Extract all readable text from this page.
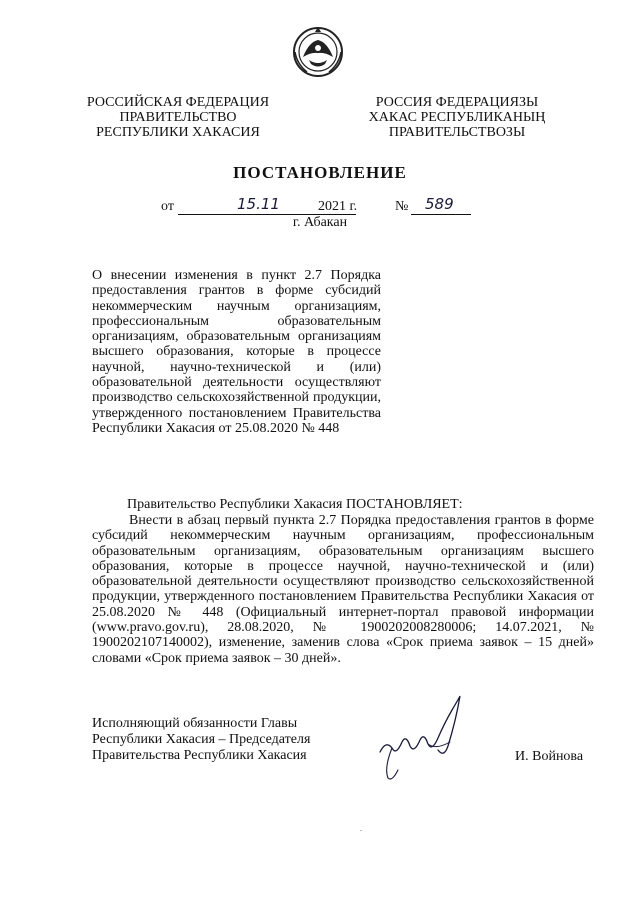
РОССИЙСКАЯ ФЕДЕРАЦИЯ
ПРАВИТЕЛЬСТВО
РЕСПУБЛИКИ ХАКАСИЯ
РОССИЯ ФЕДЕРАЦИЯЗЫ
ХАКАС РЕСПУБЛИКАНЫҢ
ПРАВИТЕЛЬСТВОЗЫ
ПОСТАНОВЛЕНИЕ
от	15.11	2021 г.	№ 589
г. Абакан
О внесении изменения в пункт 2.7 Порядка предоставления грантов в форме субсидий некоммерческим научным организациям, профессиональным образовательным организациям, образовательным организациям высшего образования, которые в процессе научной, научно-технической и (или) образовательной деятельности осуществляют производство сельскохозяйственной продукции, утвержденного постановлением Правительства Республики Хакасия от 25.08.2020 № 448
Правительство Республики Хакасия ПОСТАНОВЛЯЕТ:
Внести в абзац первый пункта 2.7 Порядка предоставления грантов в форме субсидий некоммерческим научным организациям, профессиональным образовательным организациям, образовательным организациям высшего образования, которые в процессе научной, научно-технической и (или) образовательной деятельности осуществляют производство сельскохозяйственной продукции, утвержденного постановлением Правительства Республики Хакасия от 25.08.2020 № 448 (Официальный интернет-портал правовой информации (www.pravo.gov.ru), 28.08.2020, № 1900202008280006; 14.07.2021, № 1900202107140002), изменение, заменив слова «Срок приема заявок – 15 дней» словами «Срок приема заявок – 30 дней».
Исполняющий обязанности Главы
Республики Хакасия – Председателя
Правительства Республики Хакасия	И. Войнова
